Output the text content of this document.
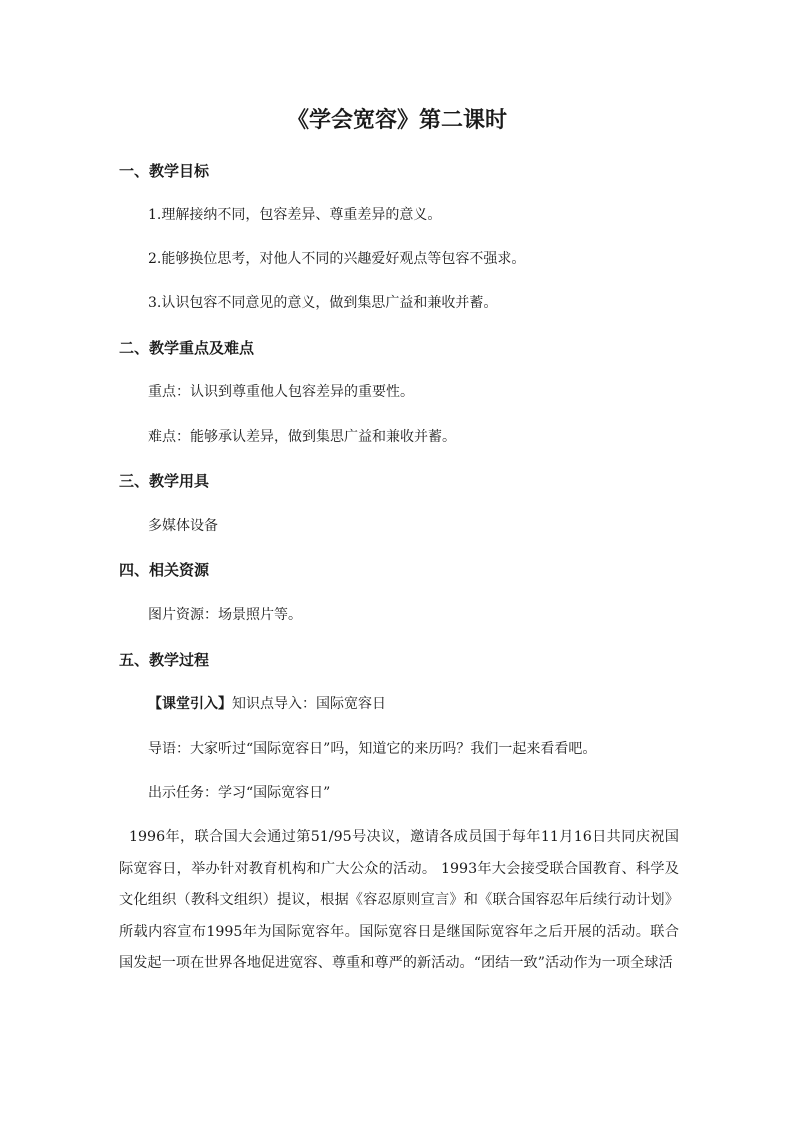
《学会宽容》第二课时
一、教学目标
1.理解接纳不同，包容差异、尊重差异的意义。
2.能够换位思考，对他人不同的兴趣爱好观点等包容不强求。
3.认识包容不同意见的意义，做到集思广益和兼收并蓄。
二、教学重点及难点
重点：认识到尊重他人包容差异的重要性。
难点：能够承认差异，做到集思广益和兼收并蓄。
三、教学用具
多媒体设备
四、相关资源
图片资源：场景照片等。
五、教学过程
【课堂引入】知识点导入：国际宽容日
导语：大家听过“国际宽容日”吗，知道它的来历吗？我们一起来看看吧。
出示任务：学习“国际宽容日”
1996年，联合国大会通过第51/95号决议，邀请各成员国于每年11月16日共同庆祝国际宽容日，举办针对教育机构和广大公众的活动。 1993年大会接受联合国教育、科学及文化组织（教科文组织）提议，根据《容忍原则宣言》和《联合国容忍年后续行动计划》所载内容宣布1995年为国际宽容年。国际宽容日是继国际宽容年之后开展的活动。联合国发起一项在世界各地促进宽容、尊重和尊严的新活动。“团结一致”活动作为一项全球活
